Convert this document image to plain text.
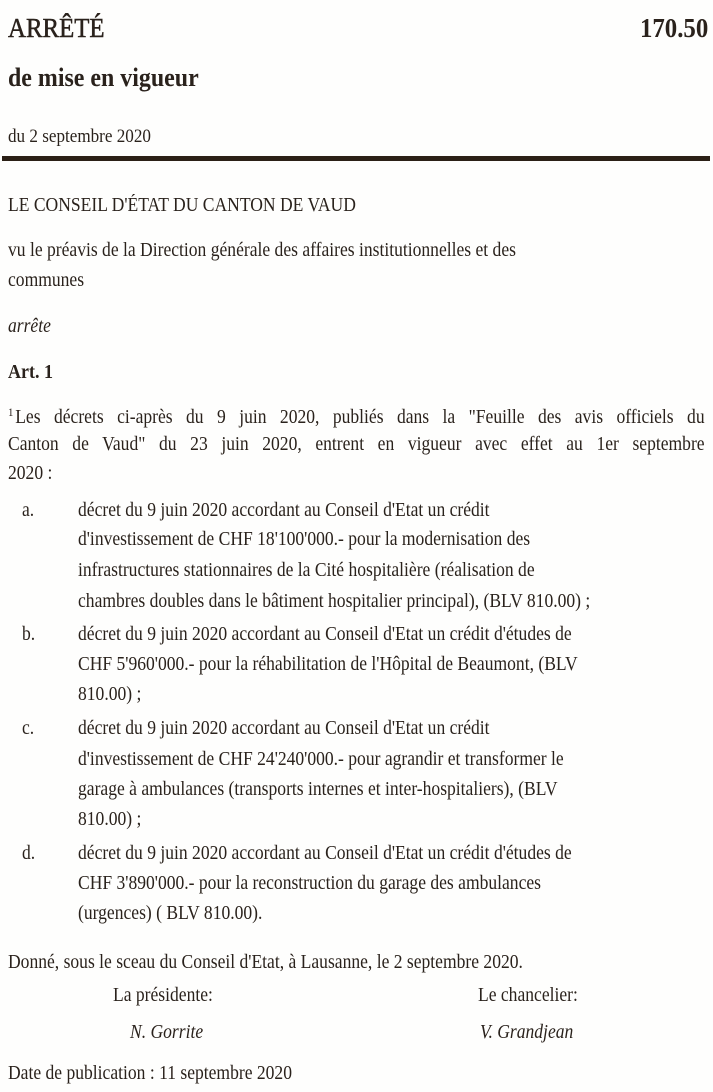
ARRÊTÉ	170.50
de mise en vigueur
du 2 septembre 2020
LE CONSEIL D'ÉTAT DU CANTON DE VAUD
vu le préavis de la Direction générale des affaires institutionnelles et des
communes
arrête
Art. 1
$^1$Les décrets ci-après du 9 juin 2020, publiés dans la "Feuille des avis officiels du
Canton de Vaud" du 23 juin 2020, entrent en vigueur avec effet au 1er septembre
2020 :
a. décret du 9 juin 2020 accordant au Conseil d'Etat un crédit
d'investissement de CHF 18'100'000.- pour la modernisation des
infrastructures stationnaires de la Cité hospitalière (réalisation de
chambres doubles dans le bâtiment hospitalier principal), (BLV 810.00) ;
b. décret du 9 juin 2020 accordant au Conseil d'Etat un crédit d'études de
CHF 5'960'000.- pour la réhabilitation de l'Hôpital de Beaumont, (BLV
810.00) ;
c. décret du 9 juin 2020 accordant au Conseil d'Etat un crédit
d'investissement de CHF 24'240'000.- pour agrandir et transformer le
garage à ambulances (transports internes et inter-hospitaliers), (BLV
810.00) ;
d. décret du 9 juin 2020 accordant au Conseil d'Etat un crédit d'études de
CHF 3'890'000.- pour la reconstruction du garage des ambulances
(urgences) ( BLV 810.00).
Donné, sous le sceau du Conseil d'Etat, à Lausanne, le 2 septembre 2020.
La présidente:	Le chancelier:
N. Gorrite	V. Grandjean
Date de publication : 11 septembre 2020
